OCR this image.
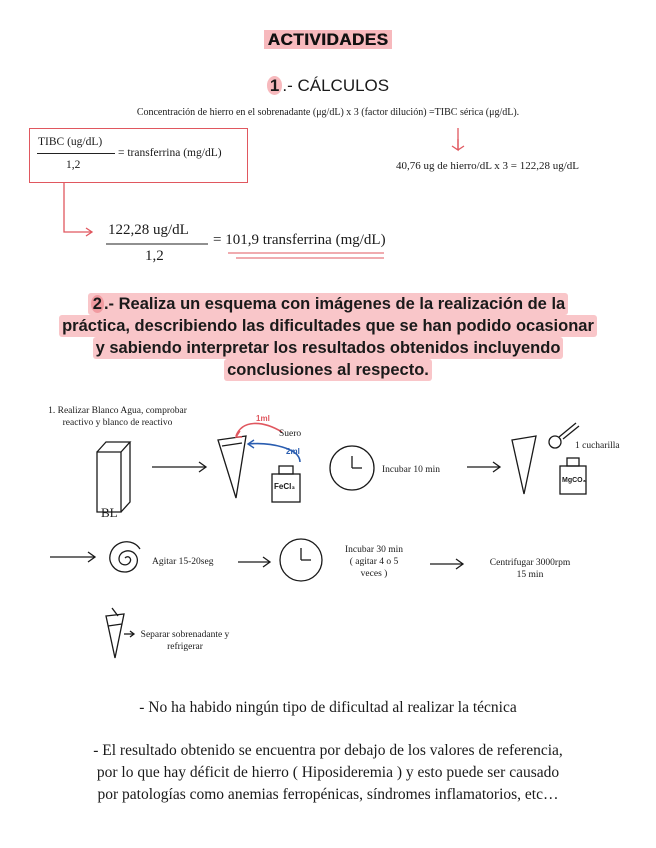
ACTIVIDADES
1 .- CÁLCULOS
Concentración de hierro en el sobrenadante (μg/dL) x 3 (factor dilución) =TIBC sérica (μg/dL).
TIBC (ug/dL)
1,2
= transferrina (mg/dL)
40,76 ug de hierro/dL x 3 = 122,28 ug/dL
122,28 ug/dL
1,2
= 101,9 transferrina (mg/dL)
2 .- Realiza un esquema con imágenes de la realización de la
práctica, describiendo las dificultades que se han podido ocasionar
y sabiendo interpretar los resultados obtenidos incluyendo
conclusiones al respecto.
1. Realizar Blanco Agua, comprobar
reactivo y blanco de reactivo
BL
1ml
Suero
2ml
FeCl₃
Incubar 10 min
1 cucharilla
MgCO₃
Agitar 15-20seg
Incubar 30 min
( agitar 4 o 5
veces )
Centrifugar 3000rpm
15 min
Separar sobrenadante y
refrigerar
- No ha habido ningún tipo de dificultad al realizar la técnica
- El resultado obtenido se encuentra por debajo de los valores de referencia,
por lo que hay déficit de hierro ( Hiposideremia ) y esto puede ser causado
por patologías como anemias ferropénicas, síndromes inflamatorios, etc…
